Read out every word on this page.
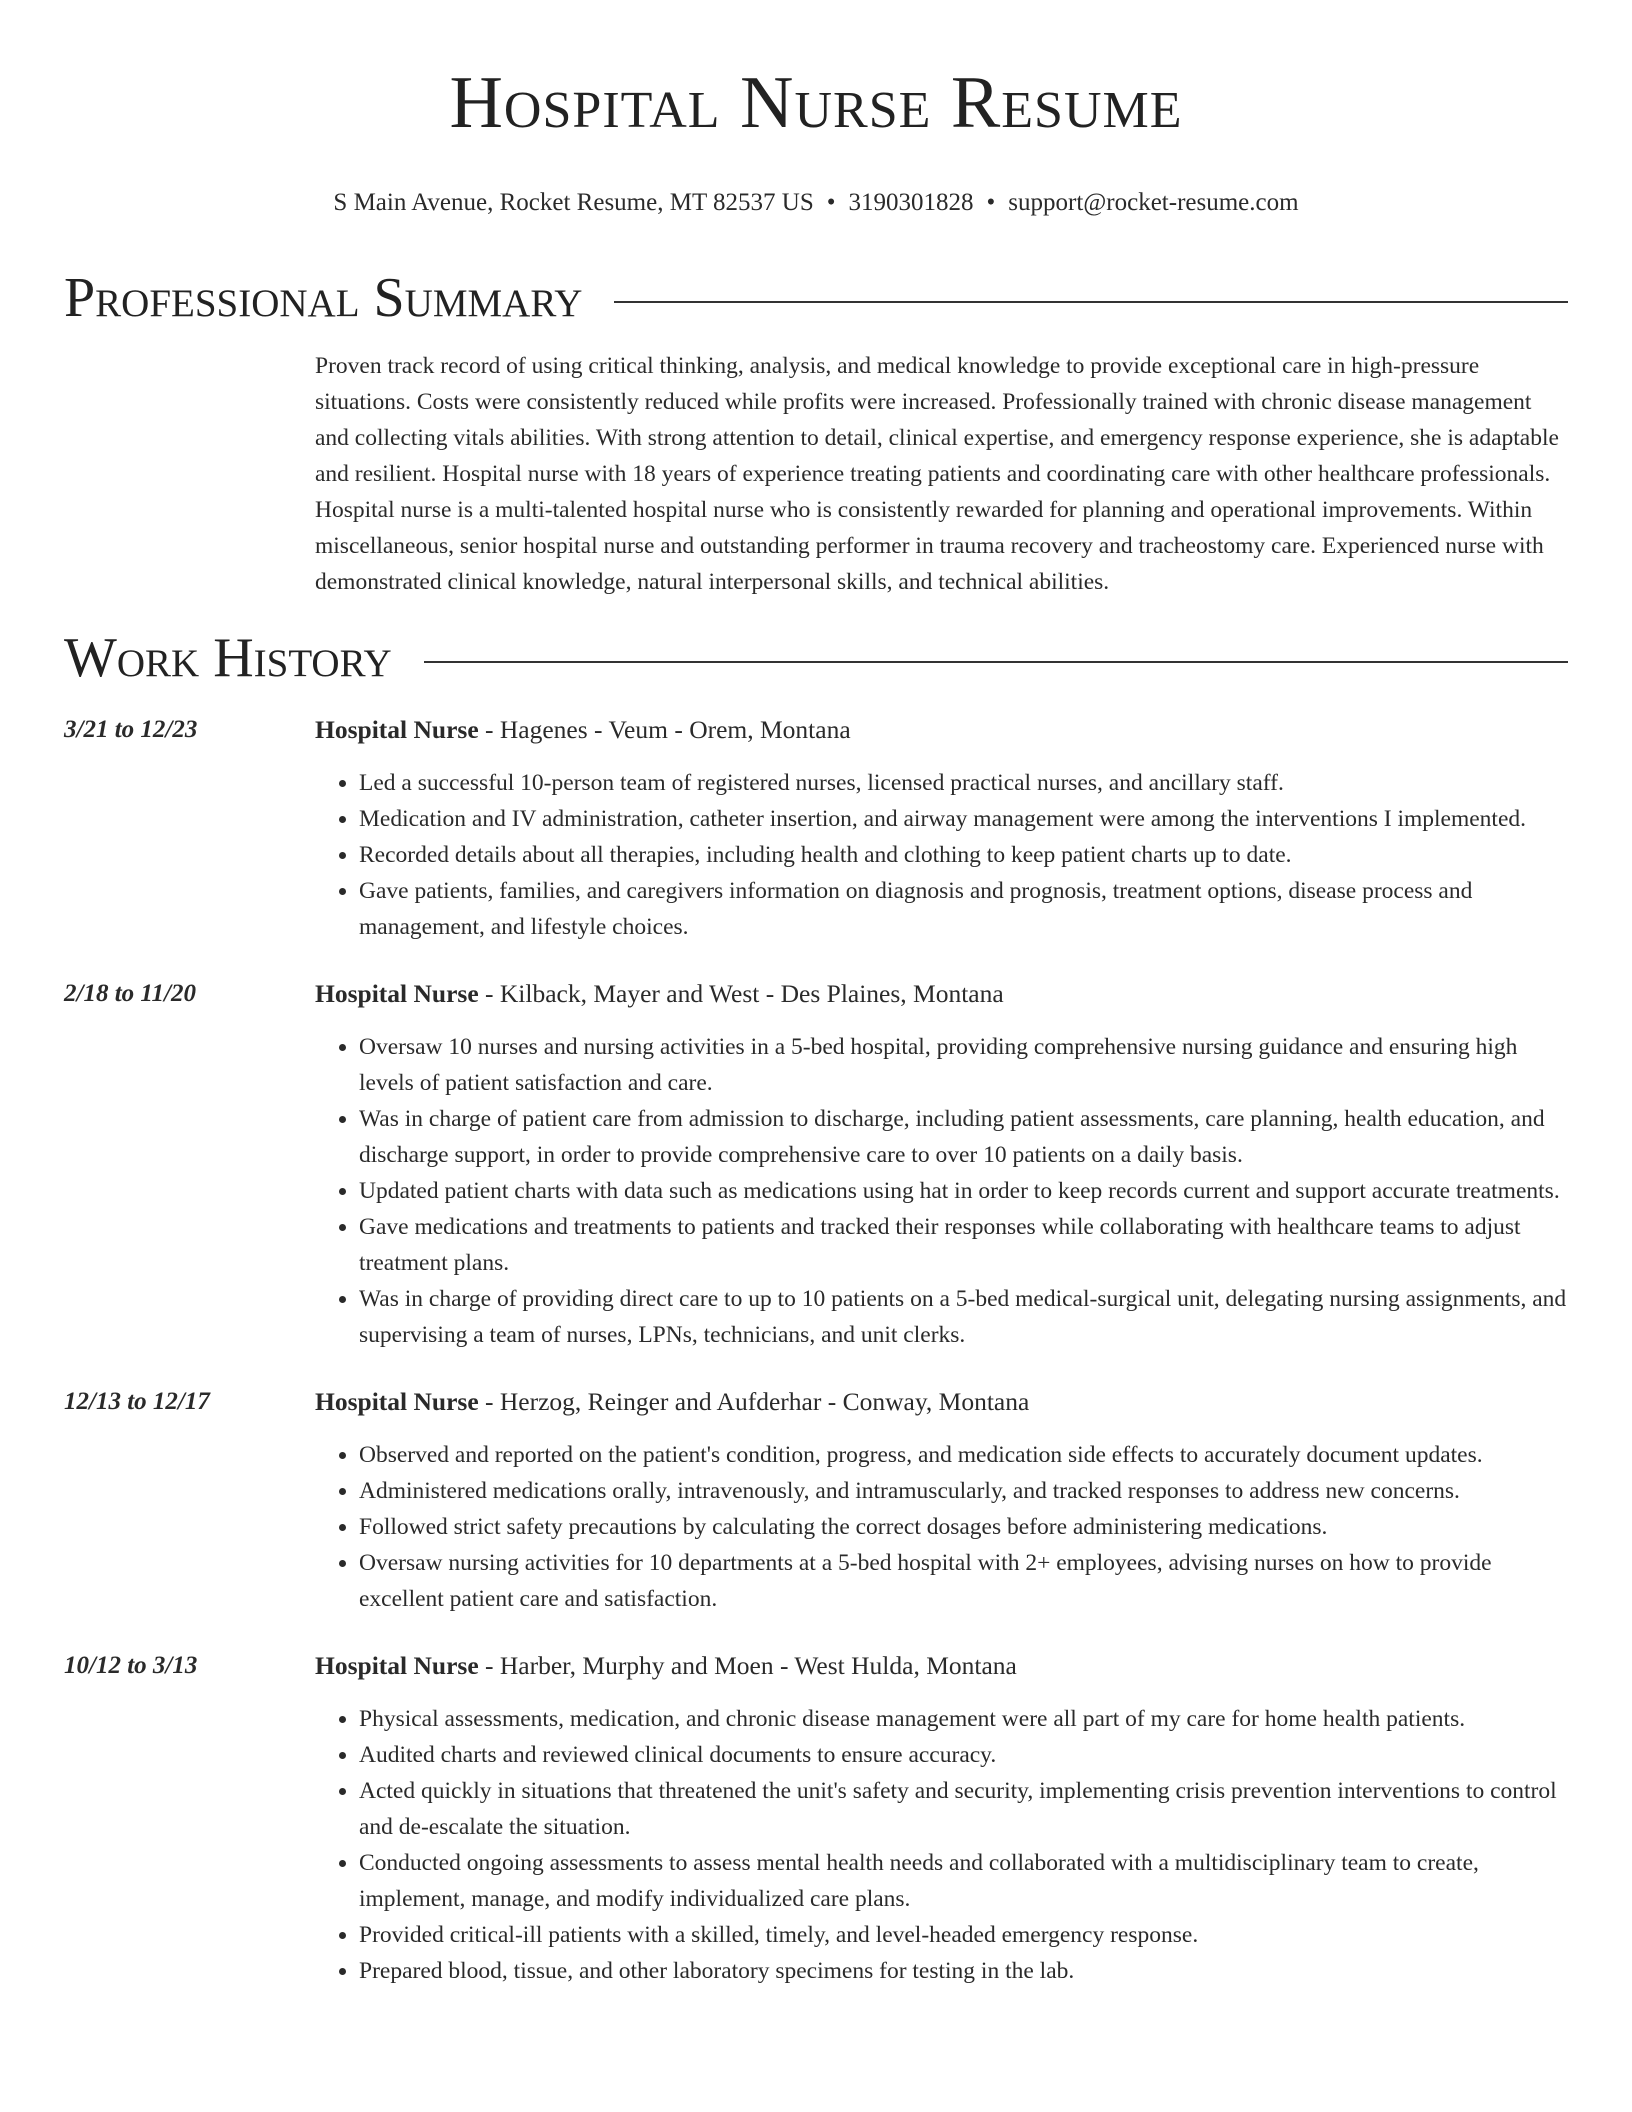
Hospital Nurse Resume
S Main Avenue, Rocket Resume, MT 82537 US • 3190301828 • support@rocket-resume.com
Professional Summary
Proven track record of using critical thinking, analysis, and medical knowledge to provide exceptional care in high-pressure situations. Costs were consistently reduced while profits were increased. Professionally trained with chronic disease management and collecting vitals abilities. With strong attention to detail, clinical expertise, and emergency response experience, she is adaptable and resilient. Hospital nurse with 18 years of experience treating patients and coordinating care with other healthcare professionals. Hospital nurse is a multi-talented hospital nurse who is consistently rewarded for planning and operational improvements. Within miscellaneous, senior hospital nurse and outstanding performer in trauma recovery and tracheostomy care. Experienced nurse with demonstrated clinical knowledge, natural interpersonal skills, and technical abilities.
Work History
3/21 to 12/23	Hospital Nurse - Hagenes - Veum - Orem, Montana
• Led a successful 10-person team of registered nurses, licensed practical nurses, and ancillary staff.
• Medication and IV administration, catheter insertion, and airway management were among the interventions I implemented.
• Recorded details about all therapies, including health and clothing to keep patient charts up to date.
• Gave patients, families, and caregivers information on diagnosis and prognosis, treatment options, disease process and management, and lifestyle choices.
2/18 to 11/20	Hospital Nurse - Kilback, Mayer and West - Des Plaines, Montana
• Oversaw 10 nurses and nursing activities in a 5-bed hospital, providing comprehensive nursing guidance and ensuring high levels of patient satisfaction and care.
• Was in charge of patient care from admission to discharge, including patient assessments, care planning, health education, and discharge support, in order to provide comprehensive care to over 10 patients on a daily basis.
• Updated patient charts with data such as medications using hat in order to keep records current and support accurate treatments.
• Gave medications and treatments to patients and tracked their responses while collaborating with healthcare teams to adjust treatment plans.
• Was in charge of providing direct care to up to 10 patients on a 5-bed medical-surgical unit, delegating nursing assignments, and supervising a team of nurses, LPNs, technicians, and unit clerks.
12/13 to 12/17	Hospital Nurse - Herzog, Reinger and Aufderhar - Conway, Montana
• Observed and reported on the patient's condition, progress, and medication side effects to accurately document updates.
• Administered medications orally, intravenously, and intramuscularly, and tracked responses to address new concerns.
• Followed strict safety precautions by calculating the correct dosages before administering medications.
• Oversaw nursing activities for 10 departments at a 5-bed hospital with 2+ employees, advising nurses on how to provide excellent patient care and satisfaction.
10/12 to 3/13	Hospital Nurse - Harber, Murphy and Moen - West Hulda, Montana
• Physical assessments, medication, and chronic disease management were all part of my care for home health patients.
• Audited charts and reviewed clinical documents to ensure accuracy.
• Acted quickly in situations that threatened the unit's safety and security, implementing crisis prevention interventions to control and de-escalate the situation.
• Conducted ongoing assessments to assess mental health needs and collaborated with a multidisciplinary team to create, implement, manage, and modify individualized care plans.
• Provided critical-ill patients with a skilled, timely, and level-headed emergency response.
• Prepared blood, tissue, and other laboratory specimens for testing in the lab.
